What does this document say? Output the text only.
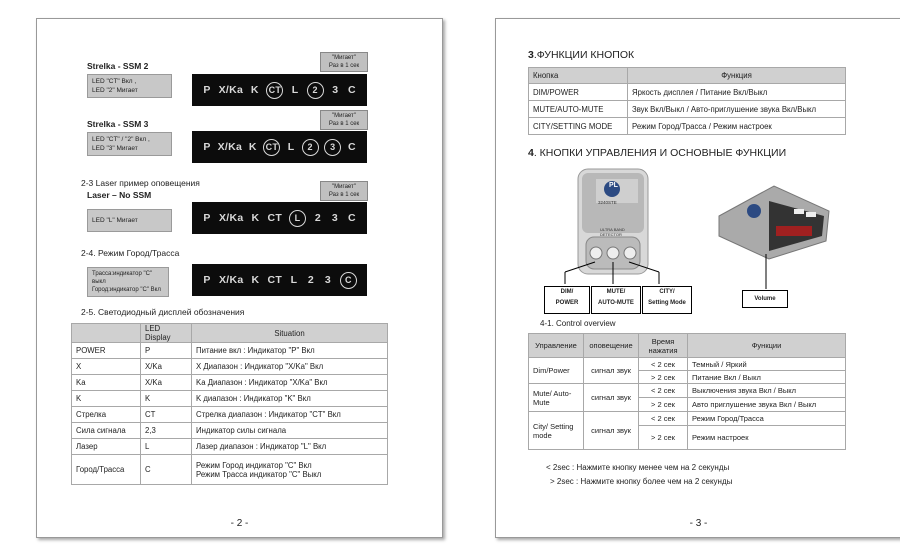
Strelka - SSM 2
LED "CT" Вкл ,
LED "2" Мигает
"Мигает"
Раз в 1 сек
P X/Ka K CT L	2	3 C
Strelka - SSM 3
LED "CT" / "2" Вкл ,
LED "3" Мигает
"Мигает"
Раз в 1 сек
P X/Ka K CT L	2	3	C
2-3 Laser пример оповещения
Laser – No SSM
LED "L" Мигает
"Мигает"
Раз в 1 сек
P X/Ka K CT	L	2 3 C
2-4. Режим Город/Трасса
Трасса:индикатор "C" выкл
Город:индикатор "C" Вкл
P X/Ka K CT L 2 3	C
2-5. Светодиодный дисплей обозначения
	LED Display	Situation
POWER	P	Питание вкл : Индикатор "P" Вкл
X	X/Ka	X Диапазон : Индикатор "X/Ka" Вкл
Ka	X/Ka	Ka Диапазон : Индикатор "X/Ka" Вкл
K	K	K диапазон : Индикатор "K" Вкл
Стрелка	CT	Стрелка диапазон : Индикатор "CT" Вкл
Сила сигнала	2,3	Индикатор силы сигнала
Лазер	L	Лазер диапазон : Индикатор "L" Вкл
Город/Трасса	C	Режим Город индикатор "C" Вкл
Режим Трасса индикатор "C" Выкл
- 2 -
3.ФУНКЦИИ КНОПОК
Кнопка	Функция
DIM/POWER	Яркость дисплея / Питание Вкл/Выкл
MUTE/AUTO-MUTE	Звук Вкл/Выкл / Авто-приглушение звука Вкл/Выкл
CITY/SETTING MODE	Режим Город/Трасса / Режим настроек
4. КНОПКИ УПРАВЛЕНИЯ И ОСНОВНЫЕ ФУНКЦИИ
PL
3240STE
ULTRA BAND
DETECTOR
DIM/
POWER
MUTE/
AUTO-MUTE
CITY/
Setting Mode
Volume
4-1. Control overview
Управление	оповещение	Время нажатия	Функции
Dim/Power	сигнал звук	< 2 сек	Темный / Яркий
		> 2 сек	Питание Вкл / Выкл
Mute/ Auto-Mute	сигнал звук	< 2 сек	Выключения звука Вкл / Выкл
		> 2 сек	Авто приглушение звука Вкл / Выкл
City/ Setting mode	сигнал звук	< 2 сек	Режим Город/Трасса
		> 2 сек	Режим настроек
< 2sec : Нажмите кнопку менее чем на 2 секунды
> 2sec : Нажмите кнопку более чем на 2 секунды
- 3 -
